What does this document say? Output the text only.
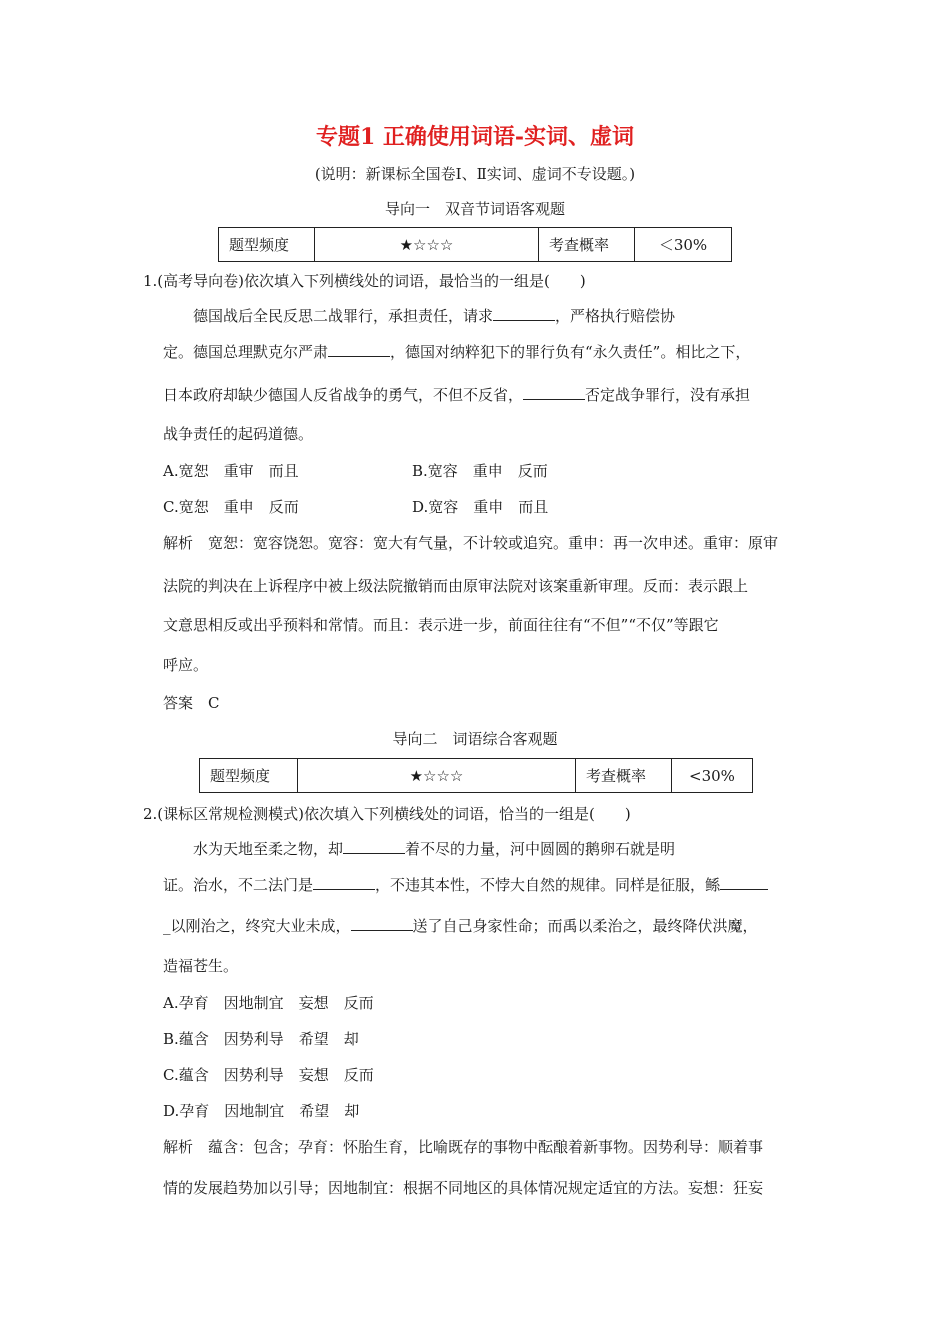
专题1 正确使用词语-实词、虚词
(说明：新课标全国卷Ⅰ、Ⅱ实词、虚词不专设题。)
导向一　双音节词语客观题
题型频度	★☆☆☆	考查概率	＜30%
1.(高考导向卷)依次填入下列横线处的词语，最恰当的一组是(　　)
德国战后全民反思二战罪行，承担责任，请求	，严格执行赔偿协
定。德国总理默克尔严肃	，德国对纳粹犯下的罪行负有“永久责任”。相比之下，
日本政府却缺少德国人反省战争的勇气，不但不反省，	否定战争罪行，没有承担
战争责任的起码道德。
A.宽恕　重审　而且	B.宽容　重申　反而
C.宽恕　重申　反而	D.宽容　重申　而且
解析　宽恕：宽容饶恕。宽容：宽大有气量，不计较或追究。重申：再一次申述。重审：原审
法院的判决在上诉程序中被上级法院撤销而由原审法院对该案重新审理。反而：表示跟上
文意思相反或出乎预料和常情。而且：表示进一步，前面往往有“不但”“不仅”等跟它
呼应。
答案　C
导向二　词语综合客观题
题型频度	★☆☆☆	考查概率	<30%
2.(课标区常规检测模式)依次填入下列横线处的词语，恰当的一组是(　　)
水为天地至柔之物，却	着不尽的力量，河中圆圆的鹅卵石就是明
证。治水，不二法门是	，不违其本性，不悖大自然的规律。同样是征服，鲧
_以刚治之，终究大业未成，	送了自己身家性命；而禹以柔治之，最终降伏洪魔，
造福苍生。
A.孕育　因地制宜　妄想　反而
B.蕴含　因势利导　希望　却
C.蕴含　因势利导　妄想　反而
D.孕育　因地制宜　希望　却
解析　蕴含：包含；孕育：怀胎生育，比喻既存的事物中酝酿着新事物。因势利导：顺着事
情的发展趋势加以引导；因地制宜：根据不同地区的具体情况规定适宜的方法。妄想：狂妄
